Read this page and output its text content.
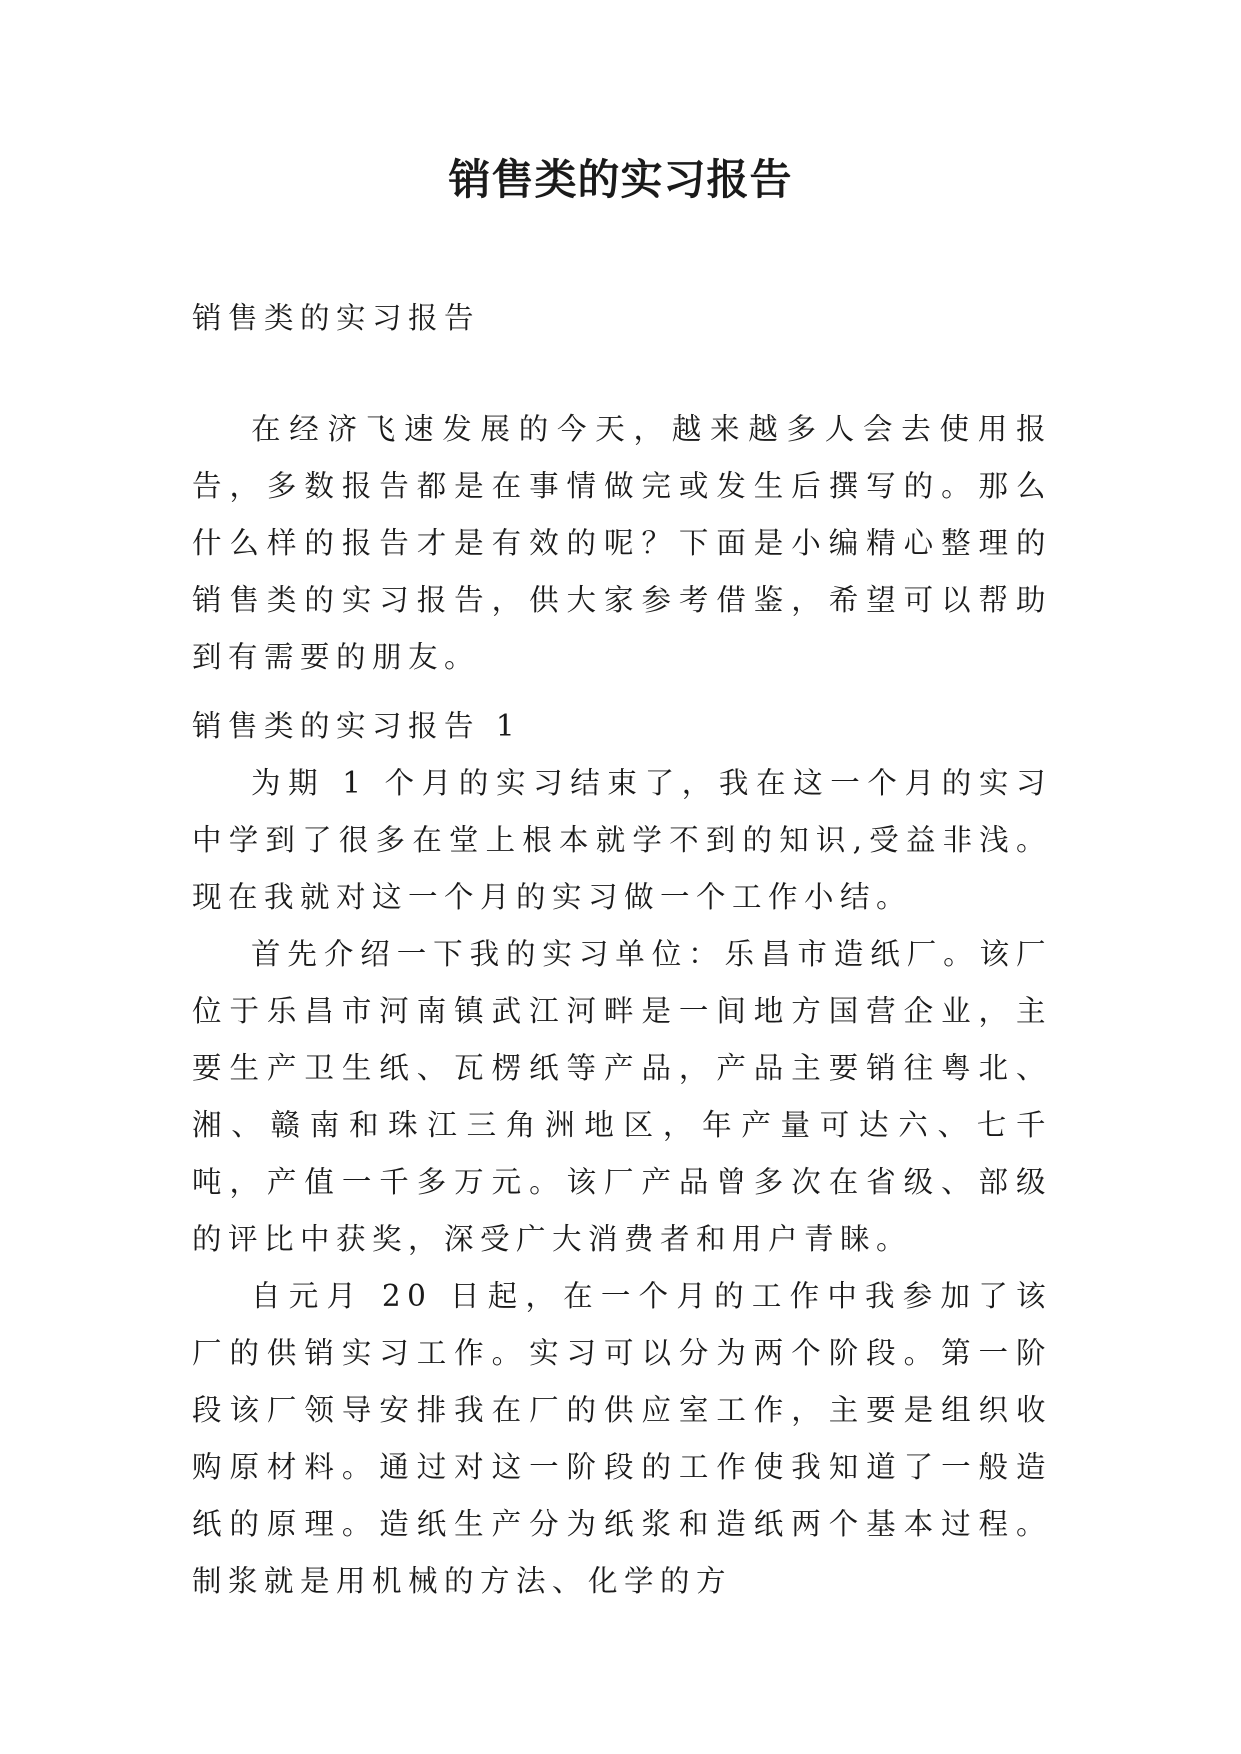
销售类的实习报告
销售类的实习报告

在经济飞速发展的今天，越来越多人会去使用报告，多数报告都是在事情做完或发生后撰写的。那么什么样的报告才是有效的呢？下面是小编精心整理的销售类的实习报告，供大家参考借鉴，希望可以帮助到有需要的朋友。

销售类的实习报告 1

为期 1 个月的实习结束了，我在这一个月的实习中学到了很多在堂上根本就学不到的知识,受益非浅。现在我就对这一个月的实习做一个工作小结。

首先介绍一下我的实习单位：乐昌市造纸厂。该厂位于乐昌市河南镇武江河畔是一间地方国营企业，主要生产卫生纸、瓦楞纸等产品，产品主要销往粤北、湘、赣南和珠江三角洲地区，年产量可达六、七千吨，产值一千多万元。该厂产品曾多次在省级、部级的评比中获奖，深受广大消费者和用户青睐。

自元月 20 日起，在一个月的工作中我参加了该厂的供销实习工作。实习可以分为两个阶段。第一阶段该厂领导安排我在厂的供应室工作，主要是组织收购原材料。通过对这一阶段的工作使我知道了一般造纸的原理。造纸生产分为纸浆和造纸两个基本过程。制浆就是用机械的方法、化学的方
